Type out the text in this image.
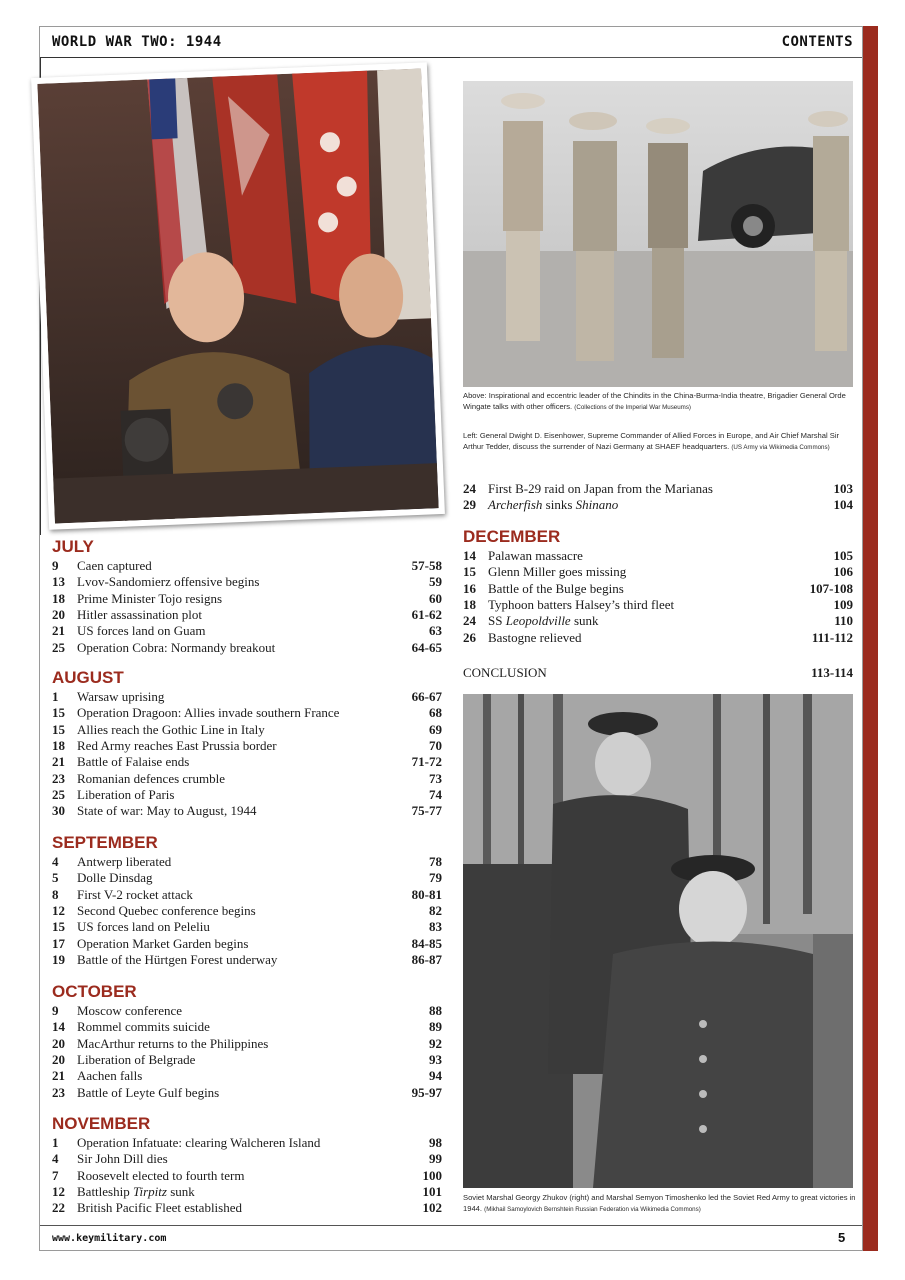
WORLD WAR TWO: 1944	CONTENTS
Above: Inspirational and eccentric leader of the Chindits in the China-Burma-India theatre, Brigadier General Orde Wingate talks with other officers. (Collections of the Imperial War Museums)
Left: General Dwight D. Eisenhower, Supreme Commander of Allied Forces in Europe, and Air Chief Marshal Sir Arthur Tedder, discuss the surrender of Nazi Germany at SHAEF headquarters. (US Army via Wikimedia Commons)
JULY
9 Caen captured	57-58
13 Lvov-Sandomierz offensive begins	59
18 Prime Minister Tojo resigns	60
20 Hitler assassination plot	61-62
21 US forces land on Guam	63
25 Operation Cobra: Normandy breakout	64-65
AUGUST
1 Warsaw uprising	66-67
15 Operation Dragoon: Allies invade southern France	68
15 Allies reach the Gothic Line in Italy	69
18 Red Army reaches East Prussia border	70
21 Battle of Falaise ends	71-72
23 Romanian defences crumble	73
25 Liberation of Paris	74
30 State of war: May to August, 1944	75-77
SEPTEMBER
4 Antwerp liberated	78
5 Dolle Dinsdag	79
8 First V-2 rocket attack	80-81
12 Second Quebec conference begins	82
15 US forces land on Peleliu	83
17 Operation Market Garden begins	84-85
19 Battle of the Hürtgen Forest underway	86-87
OCTOBER
9 Moscow conference	88
14 Rommel commits suicide	89
20 MacArthur returns to the Philippines	92
20 Liberation of Belgrade	93
21 Aachen falls	94
23 Battle of Leyte Gulf begins	95-97
NOVEMBER
1 Operation Infatuate: clearing Walcheren Island	98
4 Sir John Dill dies	99
7 Roosevelt elected to fourth term	100
12 Battleship Tirpitz sunk	101
22 British Pacific Fleet established	102
24 First B-29 raid on Japan from the Marianas	103
29 Archerfish sinks Shinano	104
DECEMBER
14 Palawan massacre	105
15 Glenn Miller goes missing	106
16 Battle of the Bulge begins	107-108
18 Typhoon batters Halsey’s third fleet	109
24 SS Leopoldville sunk	110
26 Bastogne relieved	111-112
CONCLUSION	113-114
Soviet Marshal Georgy Zhukov (right) and Marshal Semyon Timoshenko led the Soviet Red Army to great victories in 1944. (Mikhail Samoylovich Bernshtein Russian Federation via Wikimedia Commons)
www.keymilitary.com	5
